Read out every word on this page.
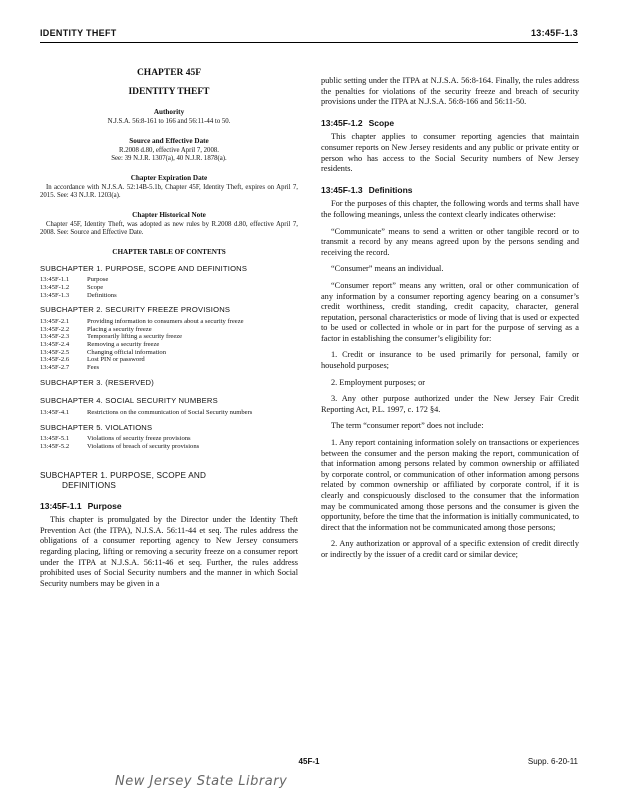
IDENTITY THEFT	13:45F-1.3
CHAPTER 45F
IDENTITY THEFT
Authority
N.J.S.A. 56:8-161 to 166 and 56:11-44 to 50.
Source and Effective Date
R.2008 d.80, effective April 7, 2008.
See: 39 N.J.R. 1307(a), 40 N.J.R. 1878(a).
Chapter Expiration Date
In accordance with N.J.S.A. 52:14B-5.1b, Chapter 45F, Identity Theft, expires on April 7, 2015. See: 43 N.J.R. 1203(a).
Chapter Historical Note
Chapter 45F, Identity Theft, was adopted as new rules by R.2008 d.80, effective April 7, 2008. See: Source and Effective Date.
CHAPTER TABLE OF CONTENTS
SUBCHAPTER 1. PURPOSE, SCOPE AND DEFINITIONS
13:45F-1.1	Purpose
13:45F-1.2	Scope
13:45F-1.3	Definitions
SUBCHAPTER 2. SECURITY FREEZE PROVISIONS
13:45F-2.1	Providing information to consumers about a security freeze
13:45F-2.2	Placing a security freeze
13:45F-2.3	Temporarily lifting a security freeze
13:45F-2.4	Removing a security freeze
13:45F-2.5	Changing official information
13:45F-2.6	Lost PIN or password
13:45F-2.7	Fees
SUBCHAPTER 3. (RESERVED)
SUBCHAPTER 4. SOCIAL SECURITY NUMBERS
13:45F-4.1	Restrictions on the communication of Social Security numbers
SUBCHAPTER 5. VIOLATIONS
13:45F-5.1	Violations of security freeze provisions
13:45F-5.2	Violations of breach of security provisions
SUBCHAPTER 1. PURPOSE, SCOPE AND
DEFINITIONS
13:45F-1.1 Purpose

This chapter is promulgated by the Director under the Identity Theft Prevention Act (the ITPA), N.J.S.A. 56:11-44 et seq. The rules address the obligations of a consumer reporting agency to New Jersey consumers regarding placing, lifting or removing a security freeze on a consumer report under the ITPA at N.J.S.A. 56:11-46 et seq. Further, the rules address prohibited uses of Social Security numbers and the manner in which Social Security numbers may be given in a

public setting under the ITPA at N.J.S.A. 56:8-164. Finally, the rules address the penalties for violations of the security freeze and breach of security provisions under the ITPA at N.J.S.A. 56:8-166 and 56:11-50.

13:45F-1.2 Scope

This chapter applies to consumer reporting agencies that maintain consumer reports on New Jersey residents and any public or private entity or person who has access to the Social Security numbers of New Jersey residents.

13:45F-1.3 Definitions

For the purposes of this chapter, the following words and terms shall have the following meanings, unless the context clearly indicates otherwise:

“Communicate” means to send a written or other tangible record or to transmit a record by any means agreed upon by the persons sending and receiving the record.

“Consumer” means an individual.

“Consumer report” means any written, oral or other communication of any information by a consumer reporting agency bearing on a consumer’s credit worthiness, credit standing, credit capacity, character, general reputation, personal characteristics or mode of living that is used or expected to be used or collected in whole or in part for the purpose of serving as a factor in establishing the consumer’s eligibility for:

1. Credit or insurance to be used primarily for personal, family or household purposes;

2. Employment purposes; or

3. Any other purpose authorized under the New Jersey Fair Credit Reporting Act, P.L. 1997, c. 172 §4.

The term “consumer report” does not include:

1. Any report containing information solely on transactions or experiences between the consumer and the person making the report, communication of that information among persons related by common ownership or affiliated by corporate control, or communication of other information among persons related by common ownership or affiliated by corporate control, if it is clearly and conspicuously disclosed to the consumer that the information may be communicated among those persons and the consumer is given the opportunity, before the time that the information is initially communicated, to direct that the information not be communicated among those persons;

2. Any authorization or approval of a specific extension of credit directly or indirectly by the issuer of a credit card or similar device;

45F-1	Supp. 6-20-11
New Jersey State Library
